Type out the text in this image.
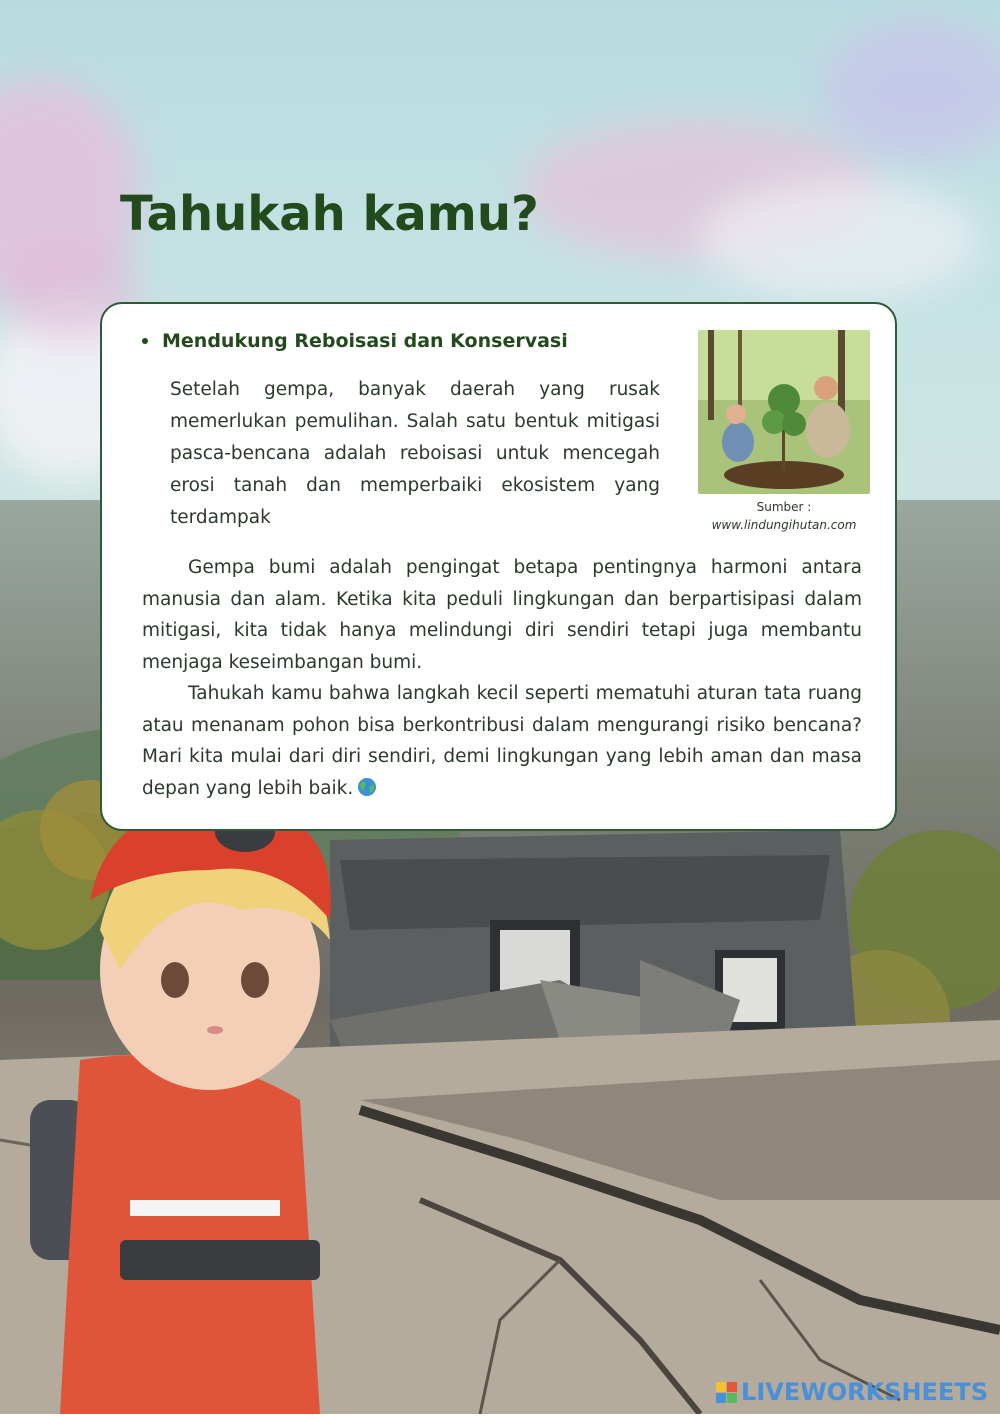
Tahukah kamu?
Mendukung Reboisasi dan Konservasi

Setelah gempa, banyak daerah yang rusak memerlukan pemulihan. Salah satu bentuk mitigasi pasca-bencana adalah reboisasi untuk mencegah erosi tanah dan memperbaiki ekosistem yang terdampak	Sumber :
www.lindungihutan.com

Gempa bumi adalah pengingat betapa pentingnya harmoni antara manusia dan alam. Ketika kita peduli lingkungan dan berpartisipasi dalam mitigasi, kita tidak hanya melindungi diri sendiri tetapi juga membantu menjaga keseimbangan bumi.

Tahukah kamu bahwa langkah kecil seperti mematuhi aturan tata ruang atau menanam pohon bisa berkontribusi dalam mengurangi risiko bencana? Mari kita mulai dari diri sendiri, demi lingkungan yang lebih aman dan masa depan yang lebih baik.

LIVEWORKSHEETS
